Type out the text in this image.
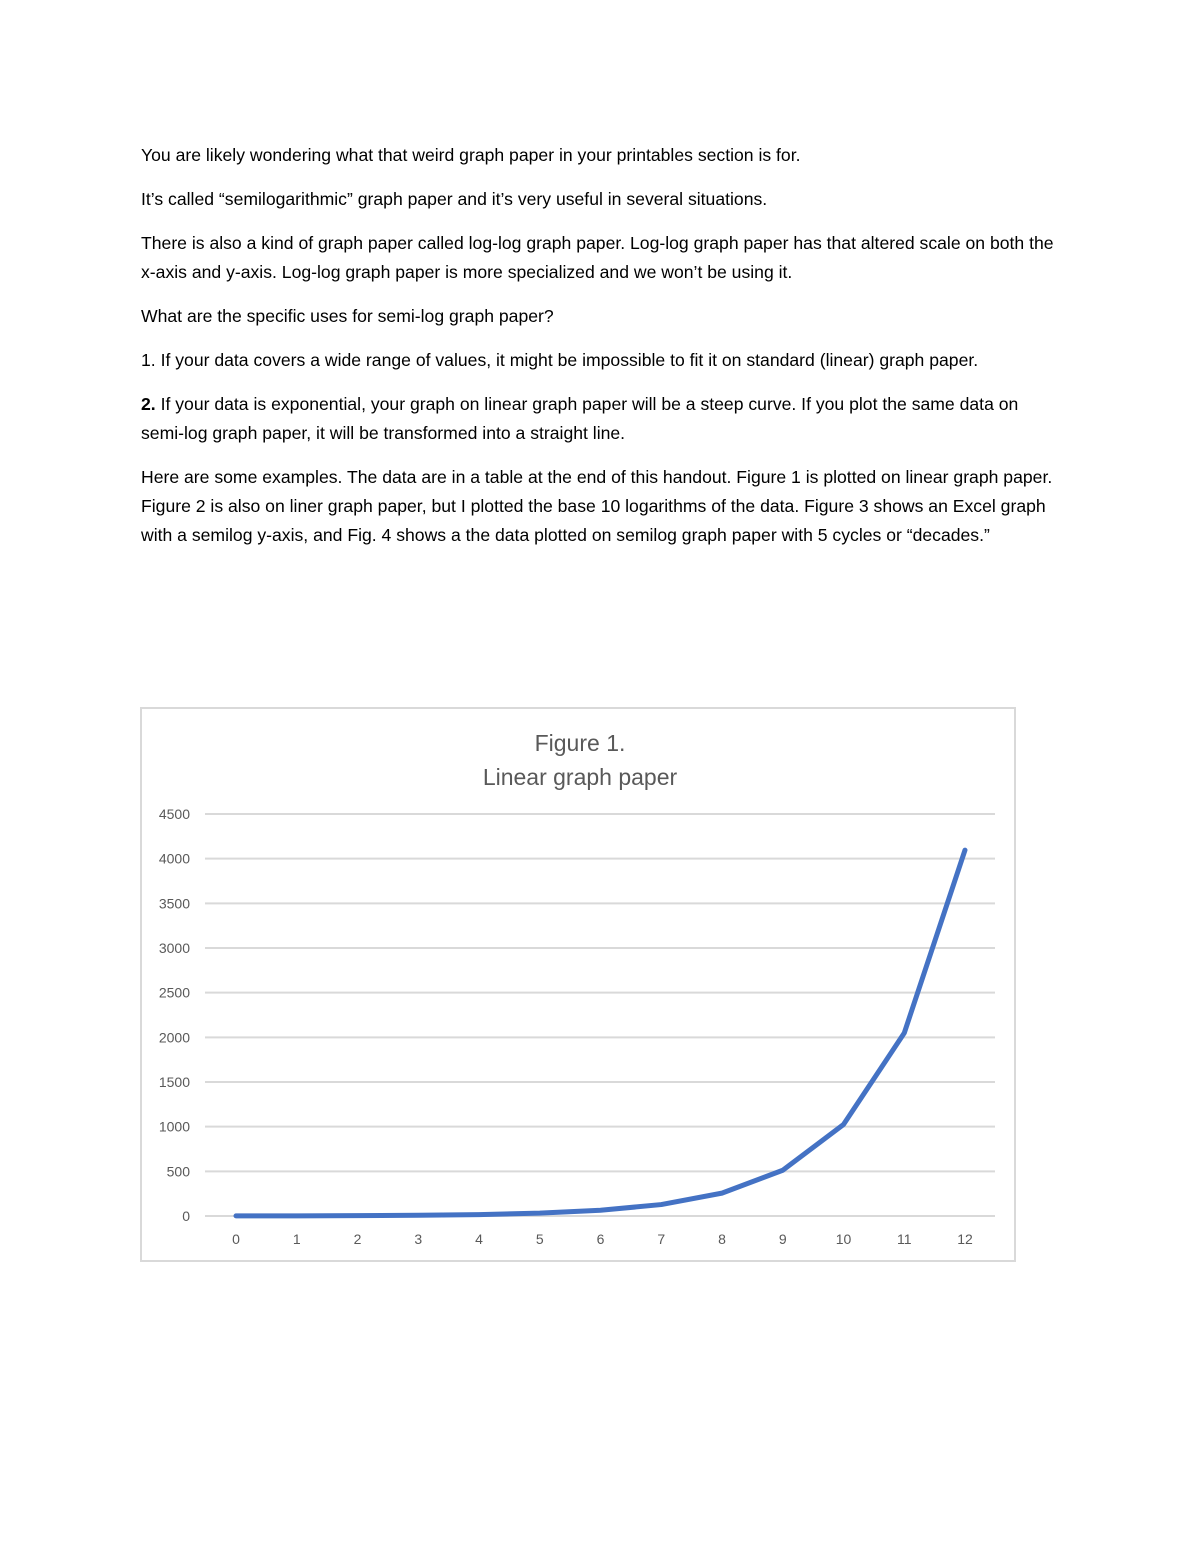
You are likely wondering what that weird graph paper in your printables section is for.

It’s called “semilogarithmic” graph paper and it’s very useful in several situations.

There is also a kind of graph paper called log-log graph paper. Log-log graph paper has that altered scale on both the x-axis and y-axis. Log-log graph paper is more specialized and we won’t be using it.

What are the specific uses for semi-log graph paper?

1. If your data covers a wide range of values, it might be impossible to fit it on standard (linear) graph paper.

2. If your data is exponential, your graph on linear graph paper will be a steep curve. If you plot the same data on semi-log graph paper, it will be transformed into a straight line.

Here are some examples. The data are in a table at the end of this handout. Figure 1 is plotted on linear graph paper. Figure 2 is also on liner graph paper, but I plotted the base 10 logarithms of the data. Figure 3 shows an Excel graph with a semilog y-axis, and Fig. 4 shows a the data plotted on semilog graph paper with 5 cycles or “decades.”

Figure 1.
Linear graph paper
0
500
1000
1500
2000
2500
3000
3500
4000
4500
0	1	2	3	4	5	6	7	8	9	10	11	12
